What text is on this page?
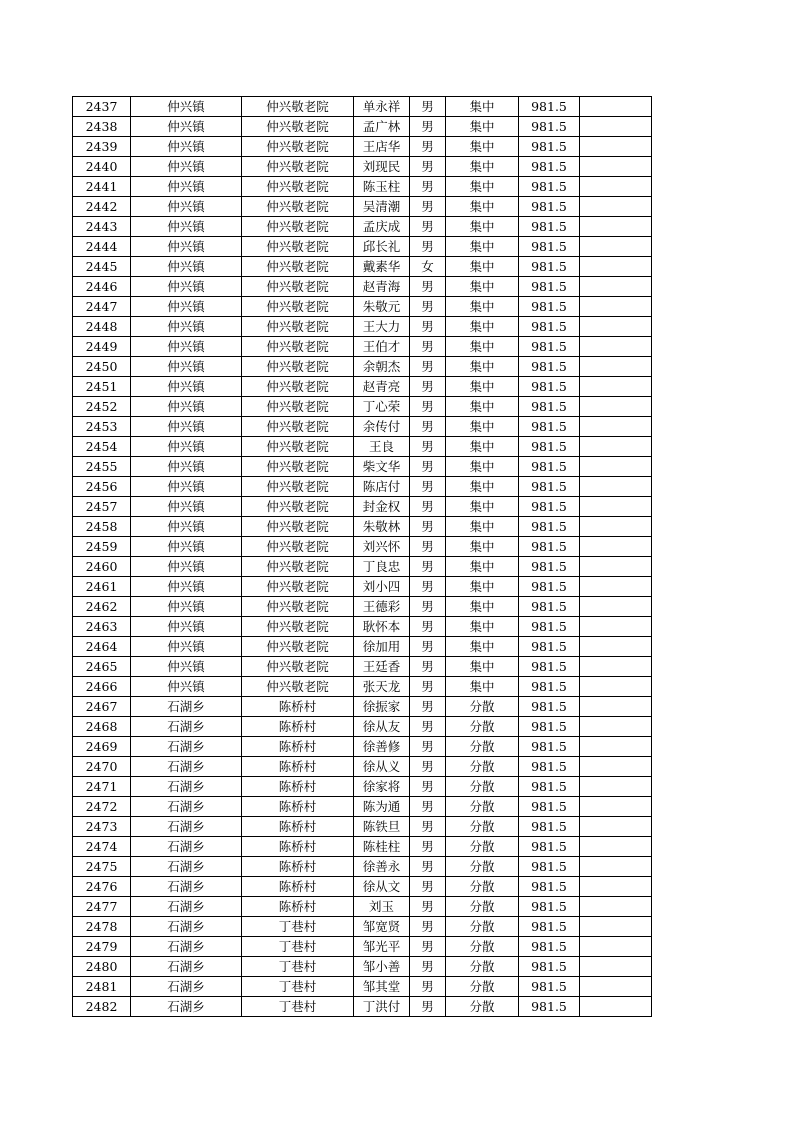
2437	仲兴镇	仲兴敬老院	单永祥	男	集中	981.5	
2438	仲兴镇	仲兴敬老院	孟广林	男	集中	981.5	
2439	仲兴镇	仲兴敬老院	王店华	男	集中	981.5	
2440	仲兴镇	仲兴敬老院	刘现民	男	集中	981.5	
2441	仲兴镇	仲兴敬老院	陈玉柱	男	集中	981.5	
2442	仲兴镇	仲兴敬老院	吴清潮	男	集中	981.5	
2443	仲兴镇	仲兴敬老院	孟庆成	男	集中	981.5	
2444	仲兴镇	仲兴敬老院	邱长礼	男	集中	981.5	
2445	仲兴镇	仲兴敬老院	戴素华	女	集中	981.5	
2446	仲兴镇	仲兴敬老院	赵青海	男	集中	981.5	
2447	仲兴镇	仲兴敬老院	朱敬元	男	集中	981.5	
2448	仲兴镇	仲兴敬老院	王大力	男	集中	981.5	
2449	仲兴镇	仲兴敬老院	王伯才	男	集中	981.5	
2450	仲兴镇	仲兴敬老院	余朝杰	男	集中	981.5	
2451	仲兴镇	仲兴敬老院	赵青亮	男	集中	981.5	
2452	仲兴镇	仲兴敬老院	丁心荣	男	集中	981.5	
2453	仲兴镇	仲兴敬老院	余传付	男	集中	981.5	
2454	仲兴镇	仲兴敬老院	王良	男	集中	981.5	
2455	仲兴镇	仲兴敬老院	柴文华	男	集中	981.5	
2456	仲兴镇	仲兴敬老院	陈店付	男	集中	981.5	
2457	仲兴镇	仲兴敬老院	封金权	男	集中	981.5	
2458	仲兴镇	仲兴敬老院	朱敬林	男	集中	981.5	
2459	仲兴镇	仲兴敬老院	刘兴怀	男	集中	981.5	
2460	仲兴镇	仲兴敬老院	丁良忠	男	集中	981.5	
2461	仲兴镇	仲兴敬老院	刘小四	男	集中	981.5	
2462	仲兴镇	仲兴敬老院	王德彩	男	集中	981.5	
2463	仲兴镇	仲兴敬老院	耿怀本	男	集中	981.5	
2464	仲兴镇	仲兴敬老院	徐加用	男	集中	981.5	
2465	仲兴镇	仲兴敬老院	王廷香	男	集中	981.5	
2466	仲兴镇	仲兴敬老院	张天龙	男	集中	981.5	
2467	石湖乡	陈桥村	徐振家	男	分散	981.5	
2468	石湖乡	陈桥村	徐从友	男	分散	981.5	
2469	石湖乡	陈桥村	徐善修	男	分散	981.5	
2470	石湖乡	陈桥村	徐从义	男	分散	981.5	
2471	石湖乡	陈桥村	徐家将	男	分散	981.5	
2472	石湖乡	陈桥村	陈为通	男	分散	981.5	
2473	石湖乡	陈桥村	陈铁旦	男	分散	981.5	
2474	石湖乡	陈桥村	陈桂柱	男	分散	981.5	
2475	石湖乡	陈桥村	徐善永	男	分散	981.5	
2476	石湖乡	陈桥村	徐从文	男	分散	981.5	
2477	石湖乡	陈桥村	刘玉	男	分散	981.5	
2478	石湖乡	丁巷村	邹宽贤	男	分散	981.5	
2479	石湖乡	丁巷村	邹光平	男	分散	981.5	
2480	石湖乡	丁巷村	邹小善	男	分散	981.5	
2481	石湖乡	丁巷村	邹其堂	男	分散	981.5	
2482	石湖乡	丁巷村	丁洪付	男	分散	981.5	
